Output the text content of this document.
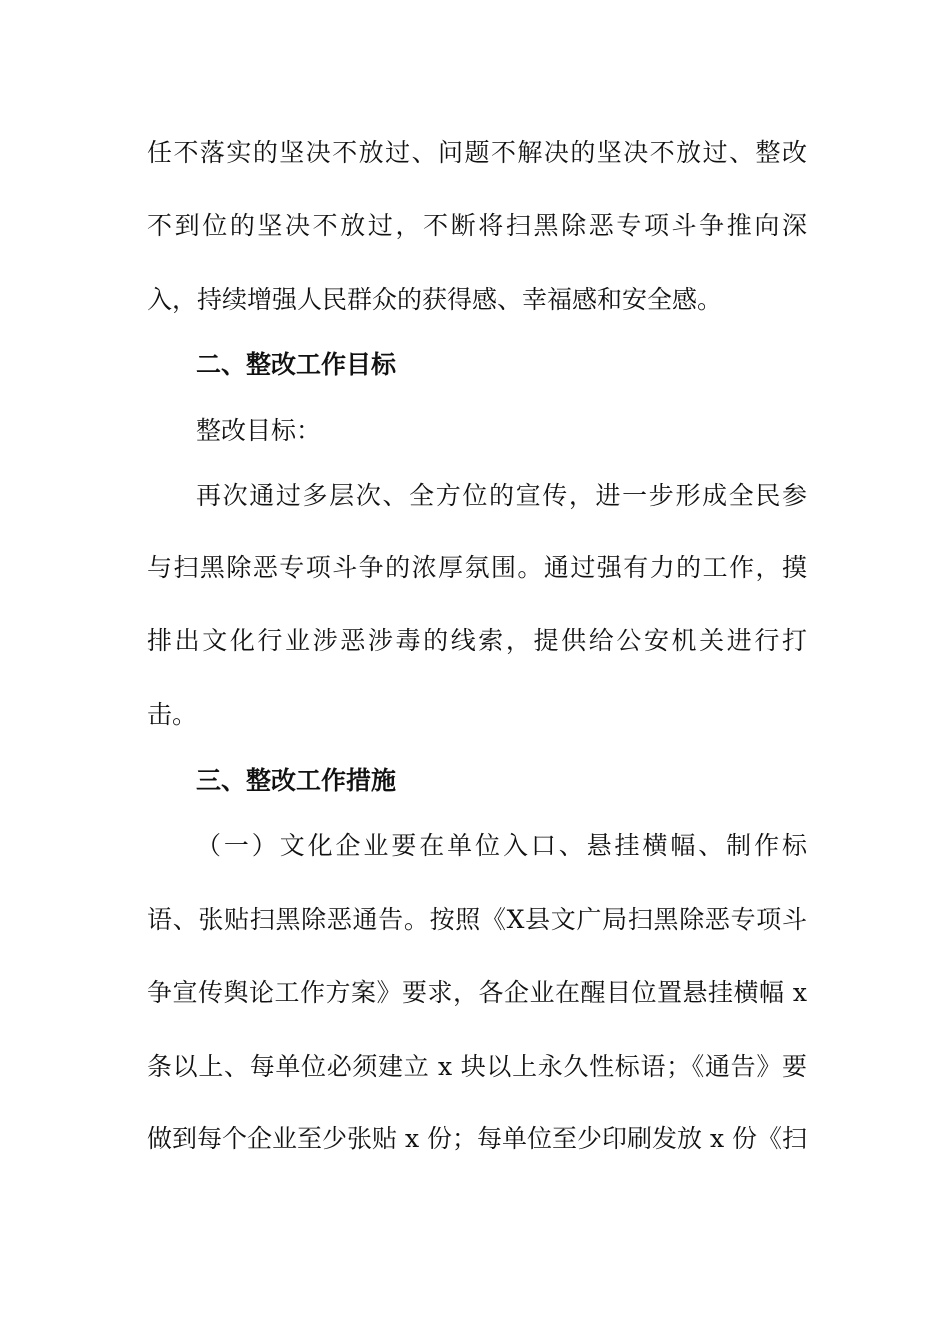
任不落实的坚决不放过、问题不解决的坚决不放过、整改
不到位的坚决不放过，不断将扫黑除恶专项斗争推向深
入，持续增强人民群众的获得感、幸福感和安全感。
二、整改工作目标
整改目标：
再次通过多层次、全方位的宣传，进一步形成全民参
与扫黑除恶专项斗争的浓厚氛围。通过强有力的工作，摸
排出文化行业涉恶涉毒的线索，提供给公安机关进行打
击。
三、整改工作措施
（一）文化企业要在单位入口、悬挂横幅、制作标
语、张贴扫黑除恶通告。按照《X县文广局扫黑除恶专项斗
争宣传舆论工作方案》要求，各企业在醒目位置悬挂横幅 x
条以上、每单位必须建立 x 块以上永久性标语；《通告》要
做到每个企业至少张贴 x 份；每单位至少印刷发放 x 份《扫
